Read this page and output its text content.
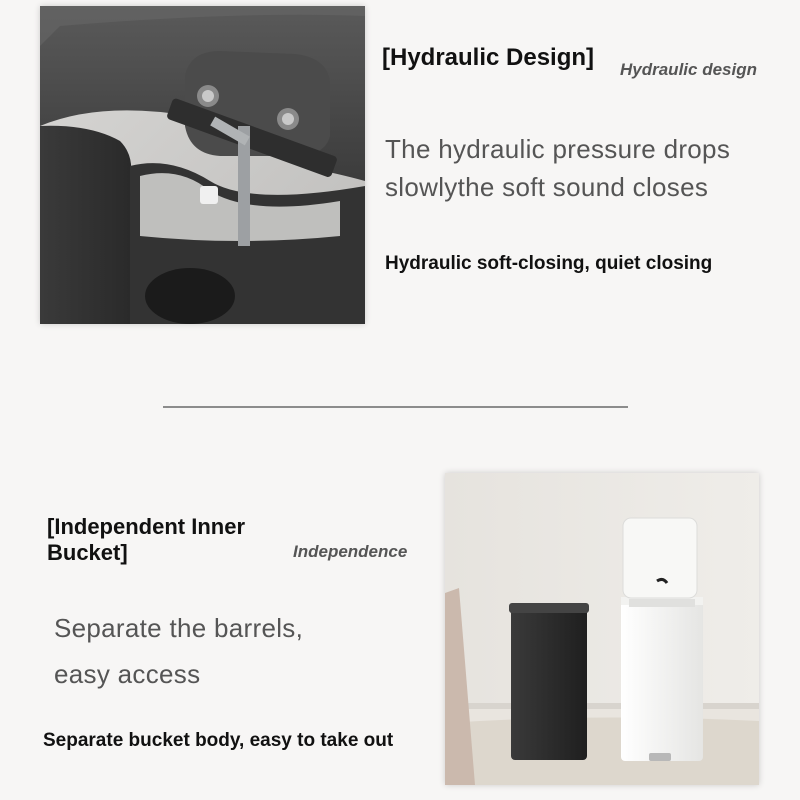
[Hydraulic Design] Hydraulic design
The hydraulic pressure drops slowlythe soft sound closes
Hydraulic soft-closing, quiet closing
[Independent Inner Bucket]	Independence
Separate the barrels,
easy access
Separate bucket body, easy to take out
